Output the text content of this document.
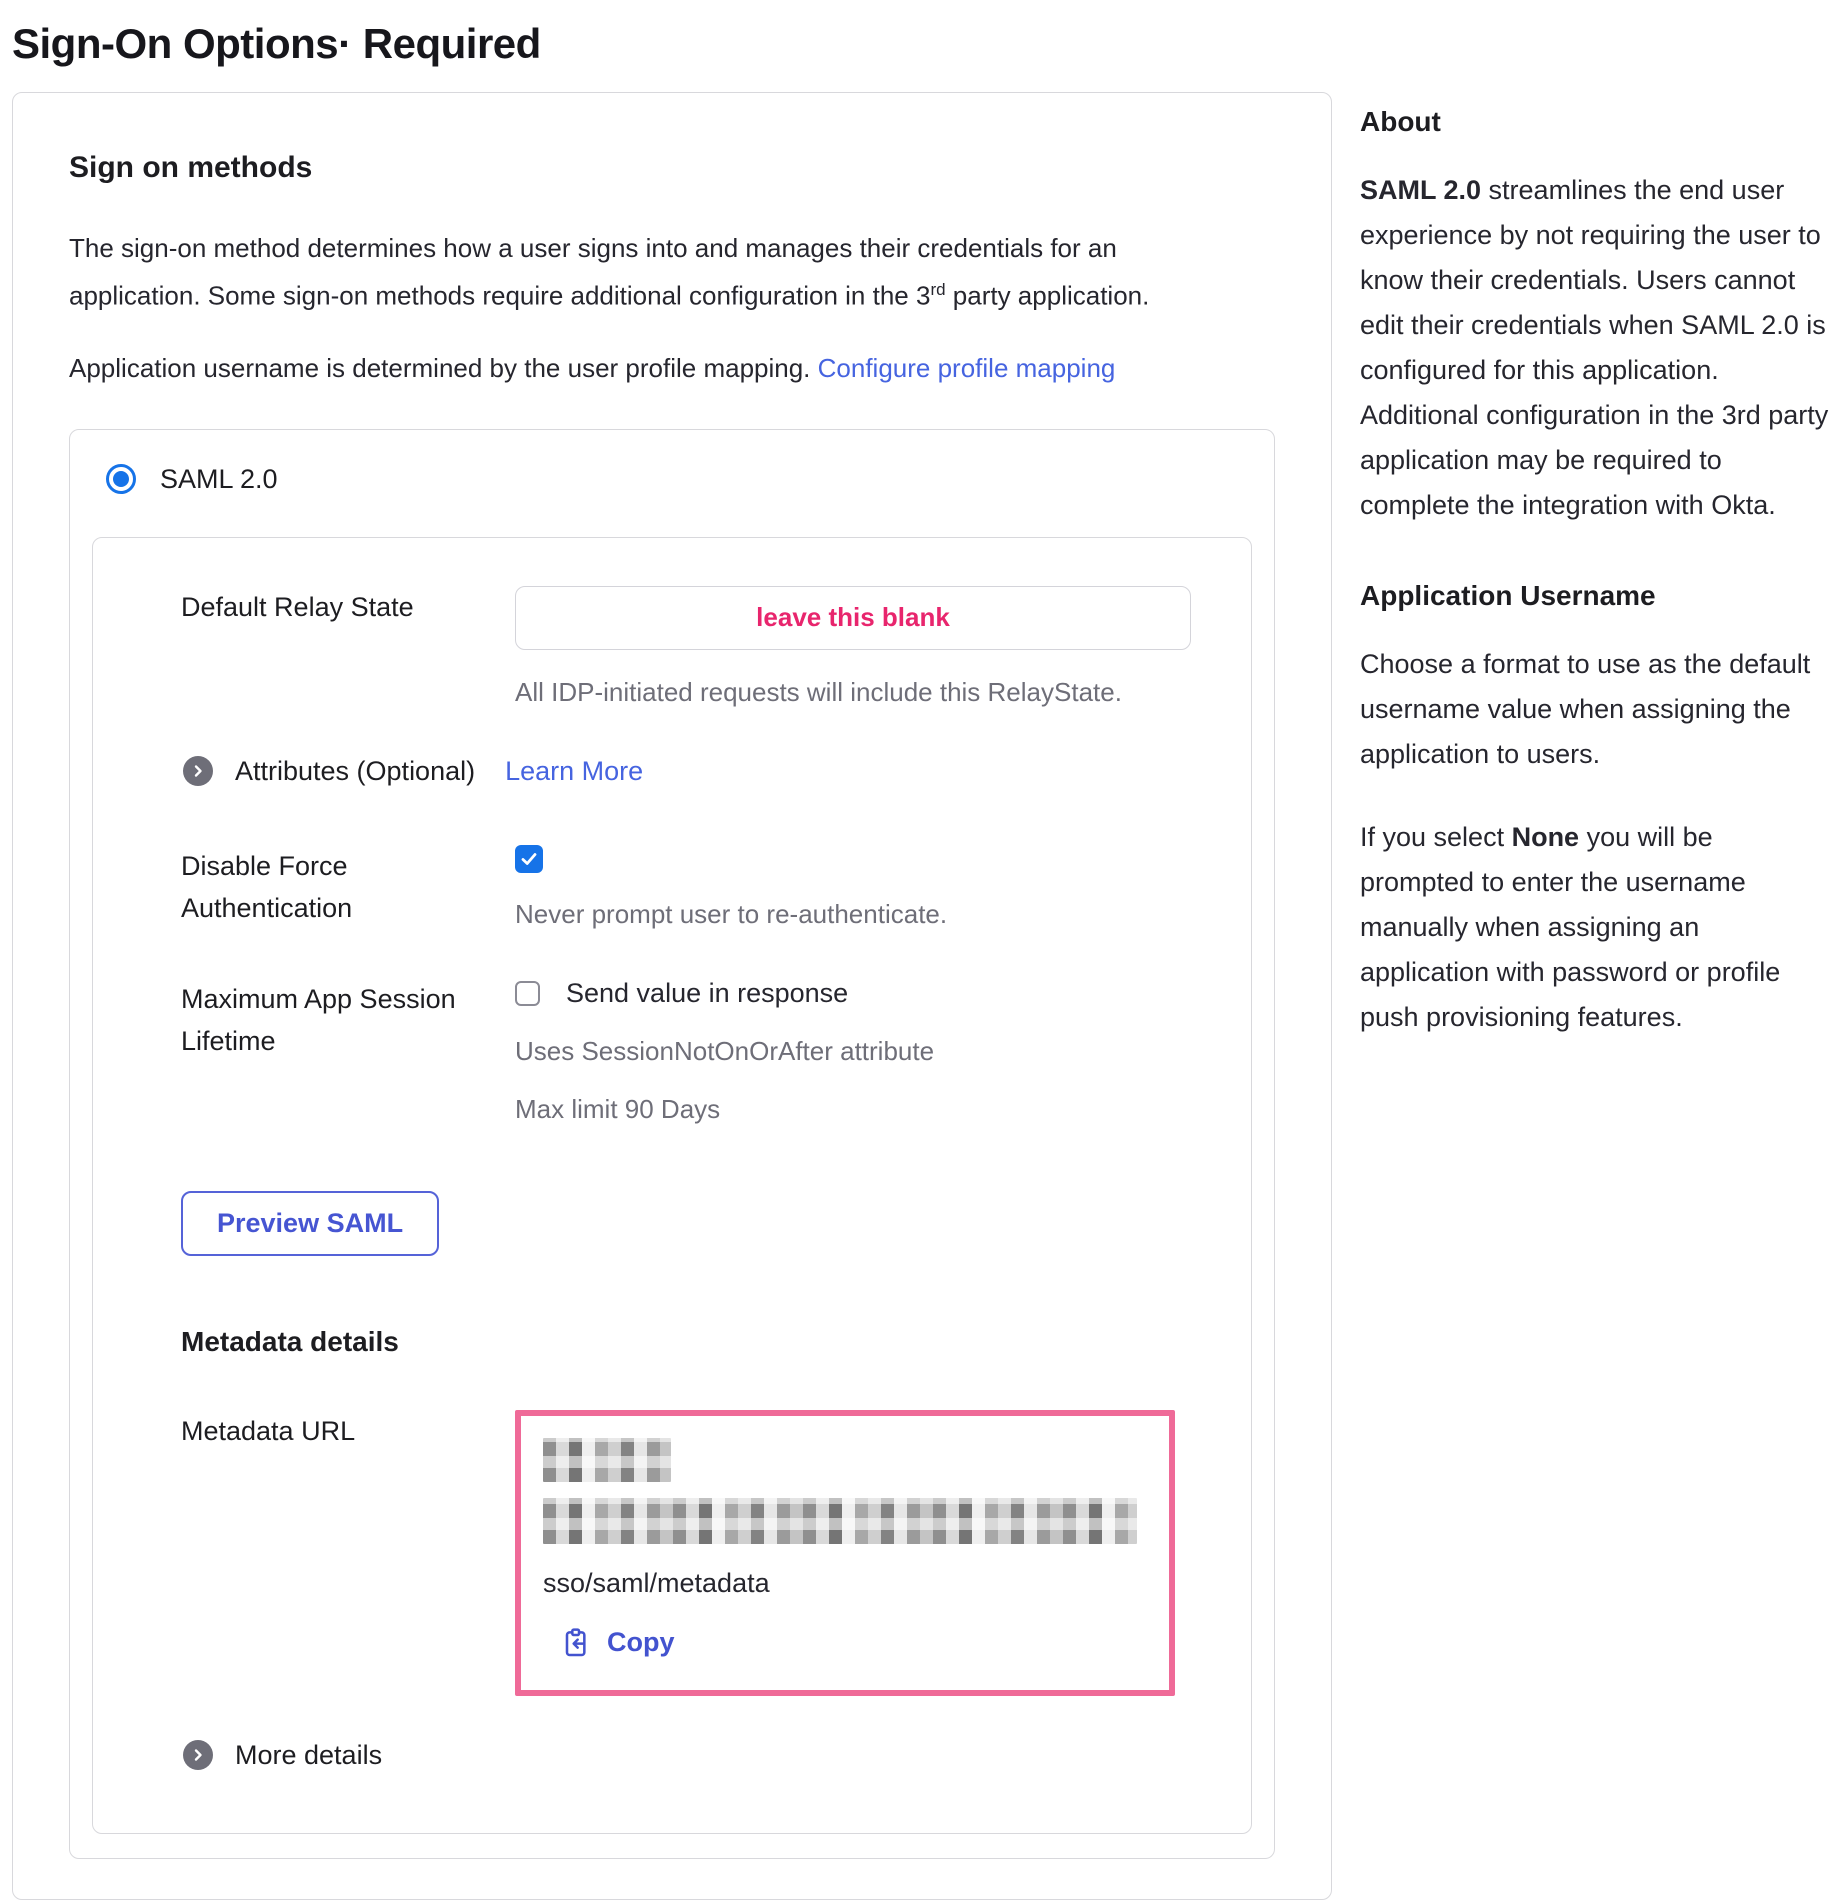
Sign-On Options· Required
Sign on methods

The sign-on method determines how a user signs into and manages their credentials for an application. Some sign-on methods require additional configuration in the 3rd party application.

Application username is determined by the user profile mapping. Configure profile mapping

SAML 2.0
Default Relay State	leave this blank
All IDP-initiated requests will include this RelayState.
Attributes (Optional) Learn More
Disable Force Authentication	Never prompt user to re-authenticate.
Maximum App Session Lifetime
Send value in response
Uses SessionNotOnOrAfter attribute
Max limit 90 Days
Preview SAML
Metadata details
Metadata URL
sso/saml/metadata
Copy
More details
About

SAML 2.0 streamlines the end user experience by not requiring the user to know their credentials. Users cannot edit their credentials when SAML 2.0 is configured for this application. Additional configuration in the 3rd party application may be required to complete the integration with Okta.

Application Username

Choose a format to use as the default username value when assigning the application to users.

If you select None you will be prompted to enter the username manually when assigning an application with password or profile push provisioning features.
